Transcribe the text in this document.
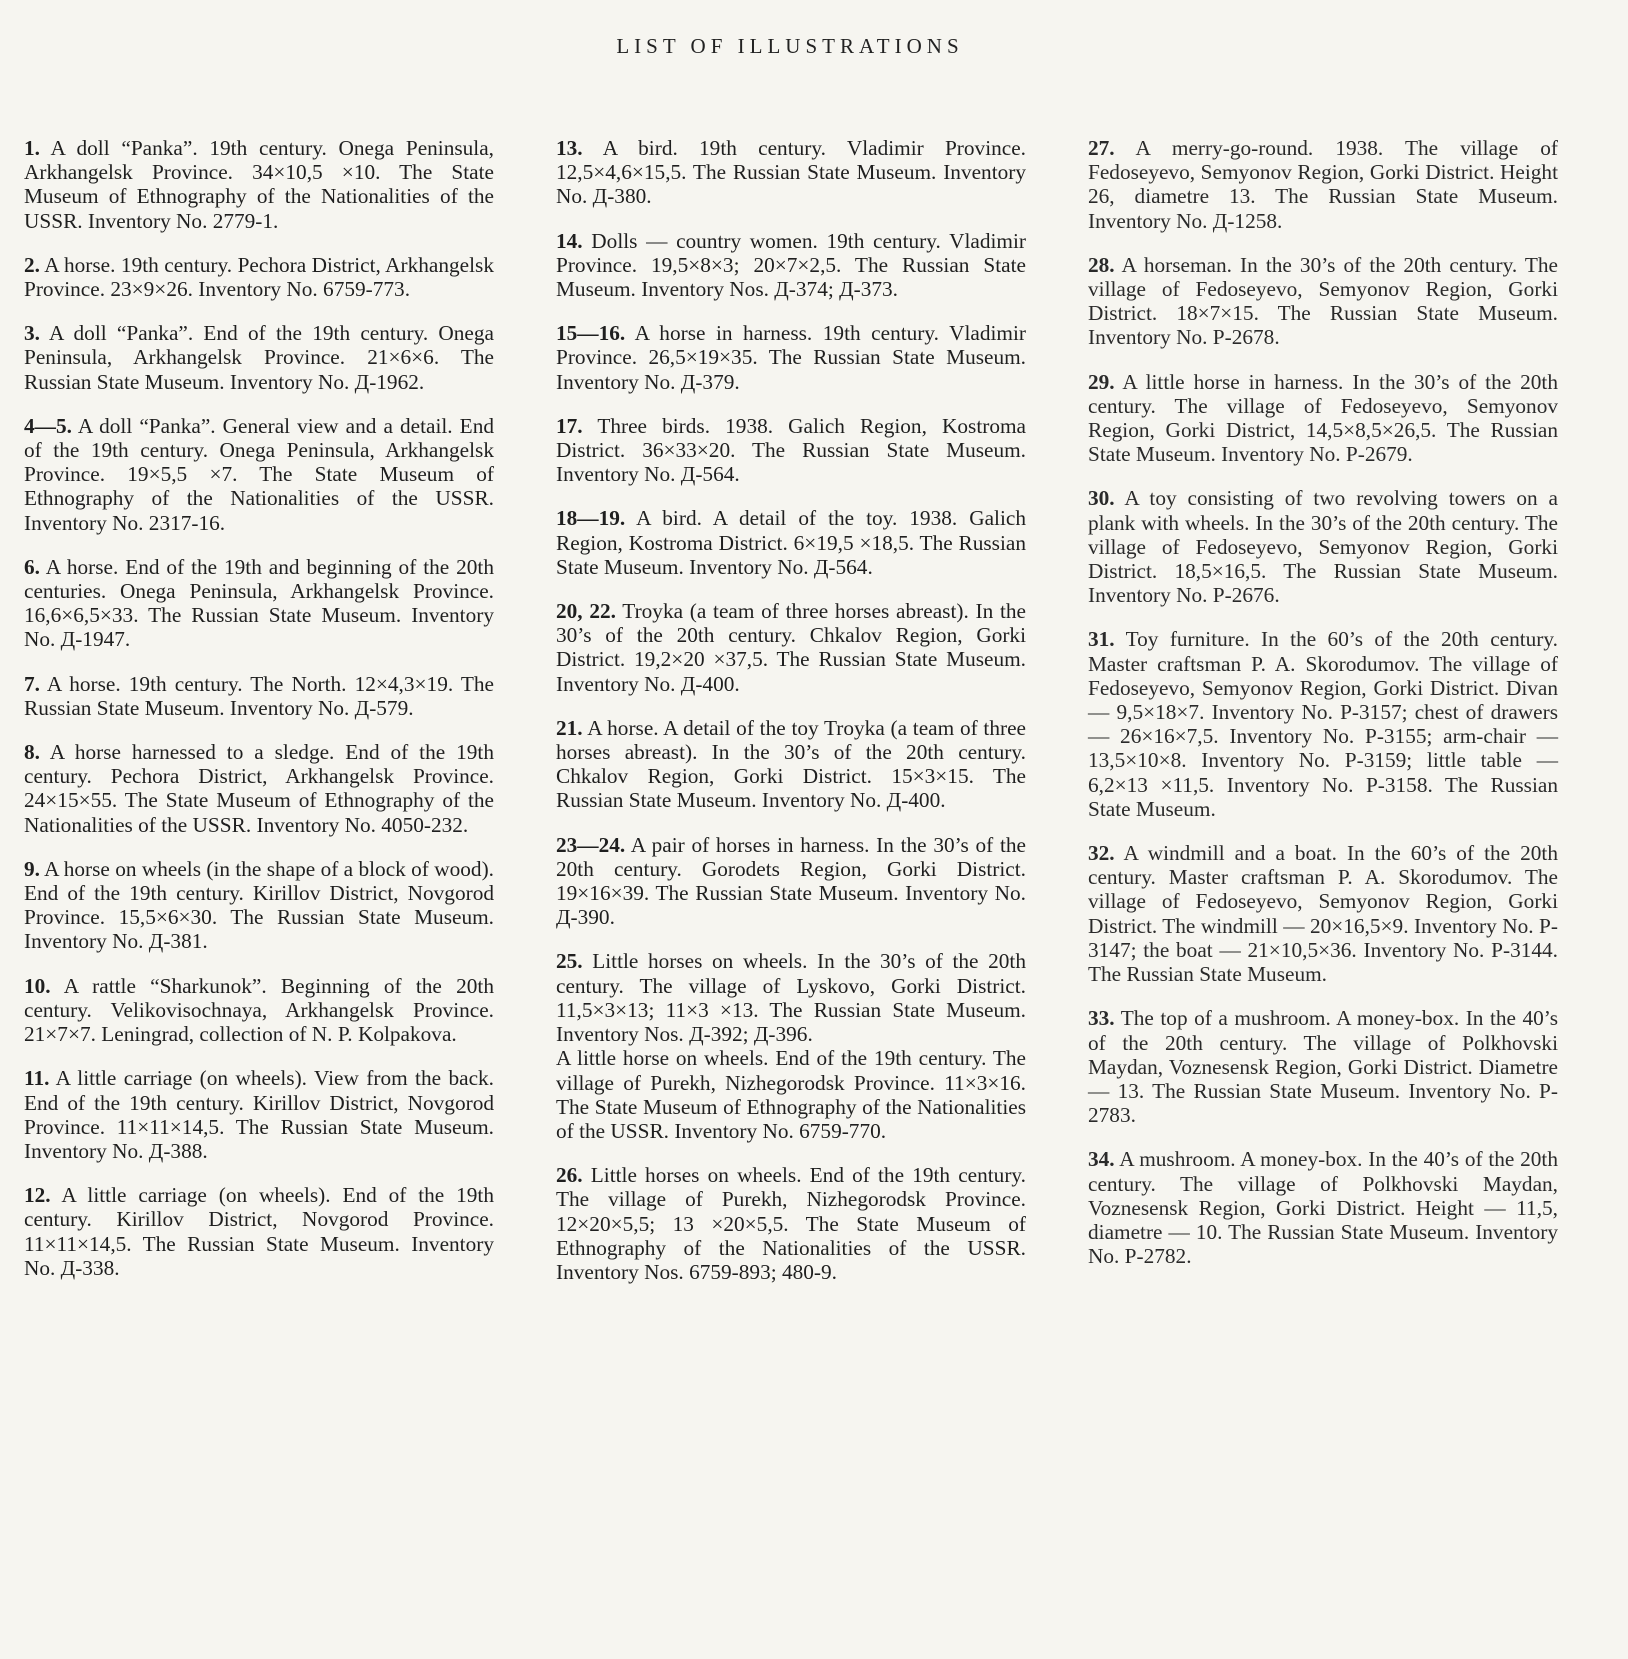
LIST OF ILLUSTRATIONS

1. A doll “Panka”. 19th century. Onega Peninsula, Arkhangelsk Province. 34×10,5 ×10. The State Museum of Ethnography of the Nationalities of the USSR. Inventory No. 2779-1.

2. A horse. 19th century. Pechora District, Arkhangelsk Province. 23×9×26. Inventory No. 6759-773.

3. A doll “Panka”. End of the 19th century. Onega Peninsula, Arkhangelsk Province. 21×6×6. The Russian State Museum. Inventory No. Д-1962.

4—5. A doll “Panka”. General view and a detail. End of the 19th century. Onega Peninsula, Arkhangelsk Province. 19×5,5 ×7. The State Museum of Ethnography of the Nationalities of the USSR. Inventory No. 2317-16.

6. A horse. End of the 19th and beginning of the 20th centuries. Onega Peninsula, Arkhangelsk Province. 16,6×6,5×33. The Russian State Museum. Inventory No. Д-1947.

7. A horse. 19th century. The North. 12×4,3×19. The Russian State Museum. Inventory No. Д-579.

8. A horse harnessed to a sledge. End of the 19th century. Pechora District, Arkhangelsk Province. 24×15×55. The State Museum of Ethnography of the Nationalities of the USSR. Inventory No. 4050-232.

9. A horse on wheels (in the shape of a block of wood). End of the 19th century. Kirillov District, Novgorod Province. 15,5×6×30. The Russian State Museum. Inventory No. Д-381.

10. A rattle “Sharkunok”. Beginning of the 20th century. Velikovisochnaya, Arkhangelsk Province. 21×7×7. Leningrad, collection of N. P. Kolpakova.

11. A little carriage (on wheels). View from the back. End of the 19th century. Kirillov District, Novgorod Province. 11×11×14,5. The Russian State Museum. Inventory No. Д-388.

12. A little carriage (on wheels). End of the 19th century. Kirillov District, Novgorod Province. 11×11×14,5. The Russian State Museum. Inventory No. Д-338.

13. A bird. 19th century. Vladimir Province. 12,5×4,6×15,5. The Russian State Museum. Inventory No. Д-380.

14. Dolls — country women. 19th century. Vladimir Province. 19,5×8×3; 20×7×2,5. The Russian State Museum. Inventory Nos. Д-374; Д-373.

15—16. A horse in harness. 19th century. Vladimir Province. 26,5×19×35. The Russian State Museum. Inventory No. Д-379.

17. Three birds. 1938. Galich Region, Kostroma District. 36×33×20. The Russian State Museum. Inventory No. Д-564.

18—19. A bird. A detail of the toy. 1938. Galich Region, Kostroma District. 6×19,5 ×18,5. The Russian State Museum. Inventory No. Д-564.

20, 22. Troyka (a team of three horses abreast). In the 30’s of the 20th century. Chkalov Region, Gorki District. 19,2×20 ×37,5. The Russian State Museum. Inventory No. Д-400.

21. A horse. A detail of the toy Troyka (a team of three horses abreast). In the 30’s of the 20th century. Chkalov Region, Gorki District. 15×3×15. The Russian State Museum. Inventory No. Д-400.

23—24. A pair of horses in harness. In the 30’s of the 20th century. Gorodets Region, Gorki District. 19×16×39. The Russian State Museum. Inventory No. Д-390.

25. Little horses on wheels. In the 30’s of the 20th century. The village of Lyskovo, Gorki District. 11,5×3×13; 11×3 ×13. The Russian State Museum. Inventory Nos. Д-392; Д-396.
A little horse on wheels. End of the 19th century. The village of Purekh, Nizhegorodsk Province. 11×3×16. The State Museum of Ethnography of the Nationalities of the USSR. Inventory No. 6759-770.

26. Little horses on wheels. End of the 19th century. The village of Purekh, Nizhegorodsk Province. 12×20×5,5; 13 ×20×5,5. The State Museum of Ethnography of the Nationalities of the USSR. Inventory Nos. 6759-893; 480-9.

27. A merry-go-round. 1938. The village of Fedoseyevo, Semyonov Region, Gorki District. Height 26, diametre 13. The Russian State Museum. Inventory No. Д-1258.

28. A horseman. In the 30’s of the 20th century. The village of Fedoseyevo, Semyonov Region, Gorki District. 18×7×15. The Russian State Museum. Inventory No. P-2678.

29. A little horse in harness. In the 30’s of the 20th century. The village of Fedoseyevo, Semyonov Region, Gorki District, 14,5×8,5×26,5. The Russian State Museum. Inventory No. P-2679.

30. A toy consisting of two revolving towers on a plank with wheels. In the 30’s of the 20th century. The village of Fedoseyevo, Semyonov Region, Gorki District. 18,5×16,5. The Russian State Museum. Inventory No. P-2676.

31. Toy furniture. In the 60’s of the 20th century. Master craftsman P. A. Skorodumov. The village of Fedoseyevo, Semyonov Region, Gorki District. Divan — 9,5×18×7. Inventory No. P-3157; chest of drawers — 26×16×7,5. Inventory No. P-3155; arm-chair — 13,5×10×8. Inventory No. P-3159; little table — 6,2×13 ×11,5. Inventory No. P-3158. The Russian State Museum.

32. A windmill and a boat. In the 60’s of the 20th century. Master craftsman P. A. Skorodumov. The village of Fedoseyevo, Semyonov Region, Gorki District. The windmill — 20×16,5×9. Inventory No. P-3147; the boat — 21×10,5×36. Inventory No. P-3144. The Russian State Museum.

33. The top of a mushroom. A money-box. In the 40’s of the 20th century. The village of Polkhovski Maydan, Voznesensk Region, Gorki District. Diametre — 13. The Russian State Museum. Inventory No. P-2783.

34. A mushroom. A money-box. In the 40’s of the 20th century. The village of Polkhovski Maydan, Voznesensk Region, Gorki District. Height — 11,5, diametre — 10. The Russian State Museum. Inventory No. P-2782.
